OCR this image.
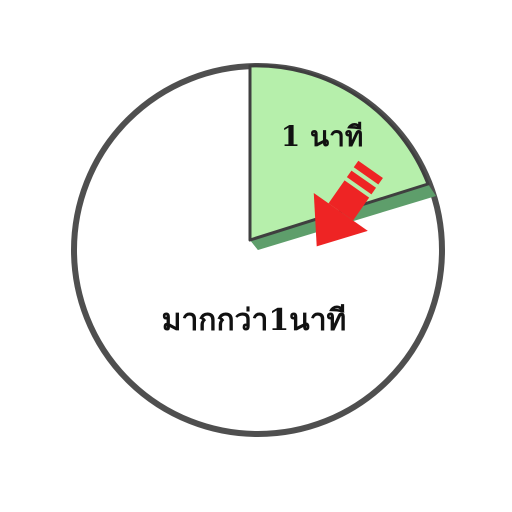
1 นาที
มากกว่า1นาที
